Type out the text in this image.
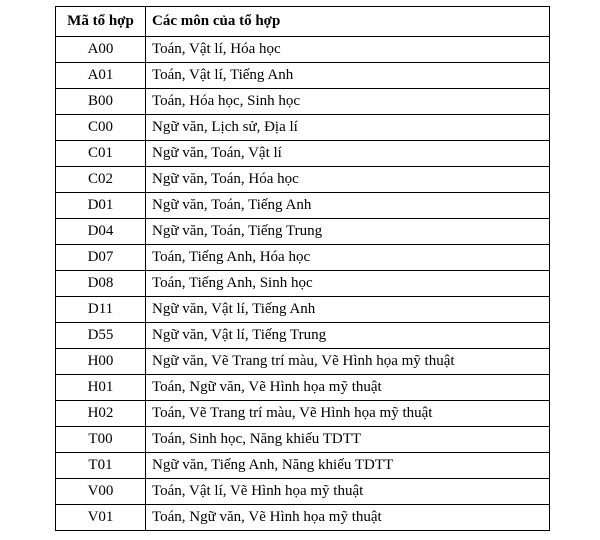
Mã tổ hợp	Các môn của tổ hợp
A00	Toán, Vật lí, Hóa học
A01	Toán, Vật lí, Tiếng Anh
B00	Toán, Hóa học, Sinh học
C00	Ngữ văn, Lịch sử, Địa lí
C01	Ngữ văn, Toán, Vật lí
C02	Ngữ văn, Toán, Hóa học
D01	Ngữ văn, Toán, Tiếng Anh
D04	Ngữ văn, Toán, Tiếng Trung
D07	Toán, Tiếng Anh, Hóa học
D08	Toán, Tiếng Anh, Sinh học
D11	Ngữ văn, Vật lí, Tiếng Anh
D55	Ngữ văn, Vật lí, Tiếng Trung
H00	Ngữ văn, Vẽ Trang trí màu, Vẽ Hình họa mỹ thuật
H01	Toán, Ngữ văn, Vẽ Hình họa mỹ thuật
H02	Toán, Vẽ Trang trí màu, Vẽ Hình họa mỹ thuật
T00	Toán, Sinh học, Năng khiếu TDTT
T01	Ngữ văn, Tiếng Anh, Năng khiếu TDTT
V00	Toán, Vật lí, Vẽ Hình họa mỹ thuật
V01	Toán, Ngữ văn, Vẽ Hình họa mỹ thuật
